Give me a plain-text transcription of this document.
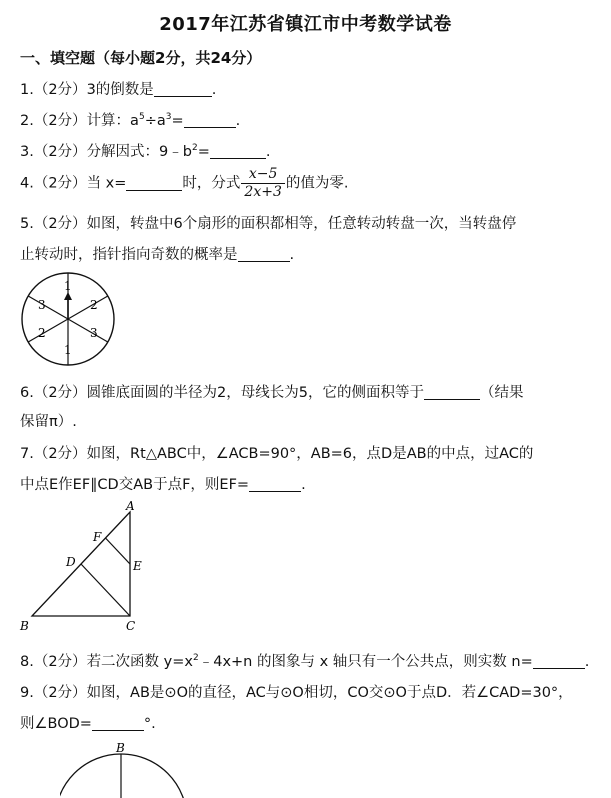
2017年江苏省镇江市中考数学试卷
一、填空题（每小题2分，共24分）
1.（2分）3的倒数是	.
2.（2分）计算：$a^5\div a^3=$	.
3.（2分）分解因式：$9﹣b^2=$	.
4.（2分）当 x=	时，分式 $\frac{x-5}{2x+3}$ 的值为零.
5.（2分）如图，转盘中6个扇形的面积都相等，任意转动转盘一次，当转盘停
止转动时，指针指向奇数的概率是	.
1
2
3
1
2
3
6.（2分）圆锥底面圆的半径为2，母线长为5，它的侧面积等于	（结果
保留π）.
7.（2分）如图，Rt△ABC中，∠ACB=90°，AB=6，点D是AB的中点，过AC的
中点E作EF∥CD交AB于点F，则EF=	.
A
B	C
D	E
F
8.（2分）若二次函数 $y=x^2﹣4x+n$ 的图象与 x 轴只有一个公共点，则实数 n=	.
9.（2分）如图，AB是⊙O的直径，AC与⊙O相切，CO交⊙O于点D．若∠CAD=30°，
则∠BOD=	°.
B
